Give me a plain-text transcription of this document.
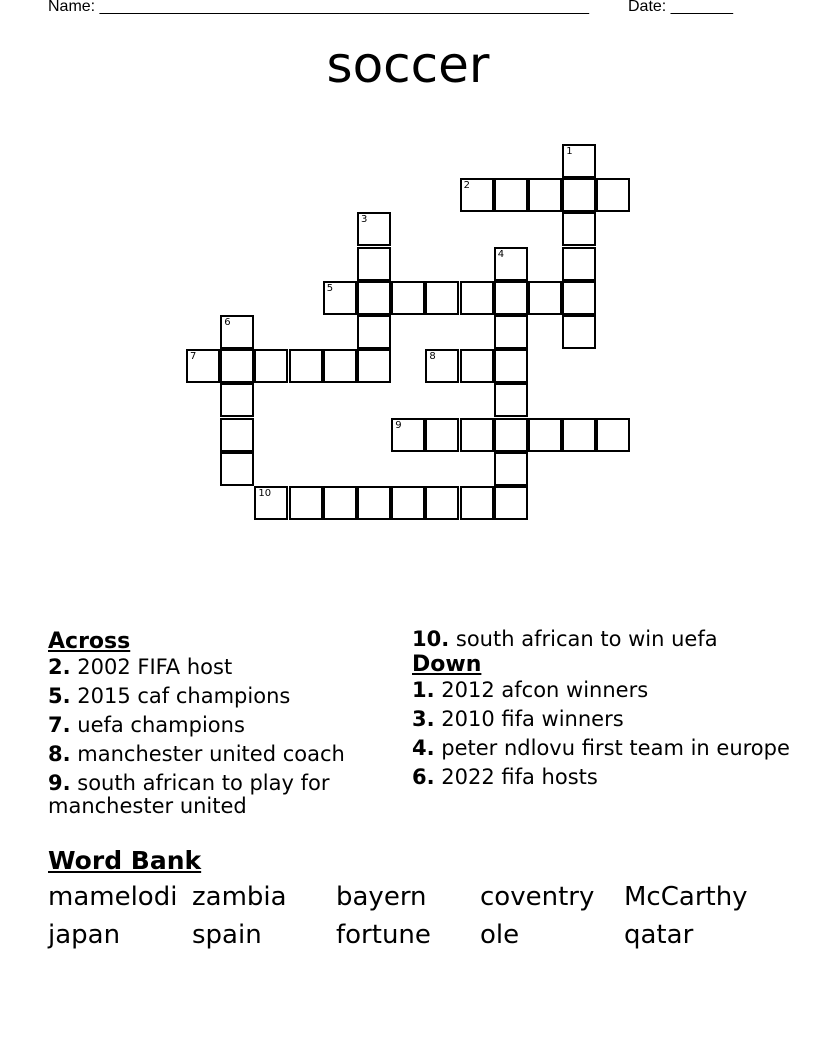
Name: _______________________________________________________ Date: _______
soccer
1
2
3
4
5
6
7	8
9
10
Across
2. 2002 FIFA host
5. 2015 caf champions
7. uefa champions
8. manchester united coach
9. south african to play for manchester united
10. south african to win uefa
Down
1. 2012 afcon winners
3. 2010 fifa winners
4. peter ndlovu first team in europe
6. 2022 fifa hosts
Word Bank
mamelodi zambia bayern coventry McCarthy
japan	spain	fortune ole	qatar
